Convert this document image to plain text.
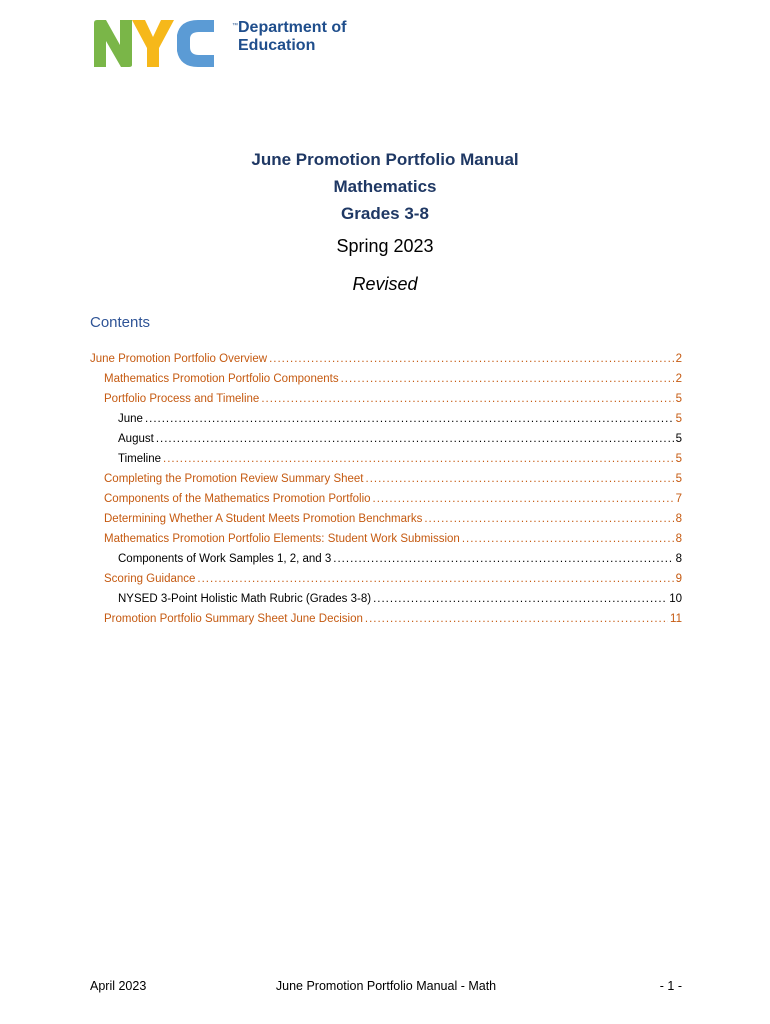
™ Department of
Education
June Promotion Portfolio Manual
Mathematics
Grades 3-8
Spring 2023
Revised
Contents
June Promotion Portfolio Overview .....	2
Mathematics Promotion Portfolio Components .....	2
Portfolio Process and Timeline .....	5
June .....	5
August .....	5
Timeline .....	5
Completing the Promotion Review Summary Sheet .....	5
Components of the Mathematics Promotion Portfolio .....	7
Determining Whether A Student Meets Promotion Benchmarks .....	8
Mathematics Promotion Portfolio Elements: Student Work Submission .....	8
Components of Work Samples 1, 2, and 3 .....	8
Scoring Guidance .....	9
NYSED 3-Point Holistic Math Rubric (Grades 3-8) .....	10
Promotion Portfolio Summary Sheet June Decision .....	11
April 2023	June Promotion Portfolio Manual - Math	- 1 -
